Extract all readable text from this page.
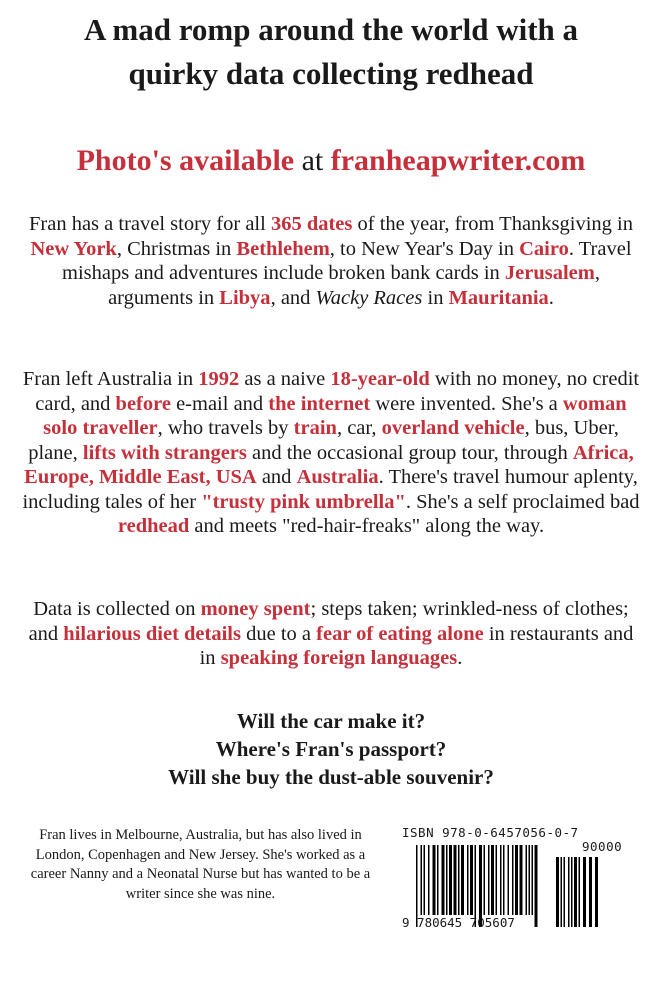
A mad romp around the world with a
quirky data collecting redhead
Photo's available at franheapwriter.com
Fran has a travel story for all 365 dates of the year, from Thanksgiving in New York, Christmas in Bethlehem, to New Year's Day in Cairo. Travel mishaps and adventures include broken bank cards in Jerusalem, arguments in Libya, and Wacky Races in Mauritania.
Fran left Australia in 1992 as a naive 18-year-old with no money, no credit card, and before e-mail and the internet were invented. She's a woman solo traveller, who travels by train, car, overland vehicle, bus, Uber, plane, lifts with strangers and the occasional group tour, through Africa, Europe, Middle East, USA and Australia. There's travel humour aplenty, including tales of her "trusty pink umbrella". She's a self proclaimed bad redhead and meets "red-hair-freaks" along the way.
Data is collected on money spent; steps taken; wrinkled-ness of clothes; and hilarious diet details due to a fear of eating alone in restaurants and in speaking foreign languages.
Will the car make it?
Where's Fran's passport?
Will she buy the dust-able souvenir?
Fran lives in Melbourne, Australia, but has also lived in London, Copenhagen and New Jersey. She's worked as a career Nanny and a Neonatal Nurse but has wanted to be a writer since she was nine.
ISBN 978-0-6457056-0-7
90000
9 780645 705607
